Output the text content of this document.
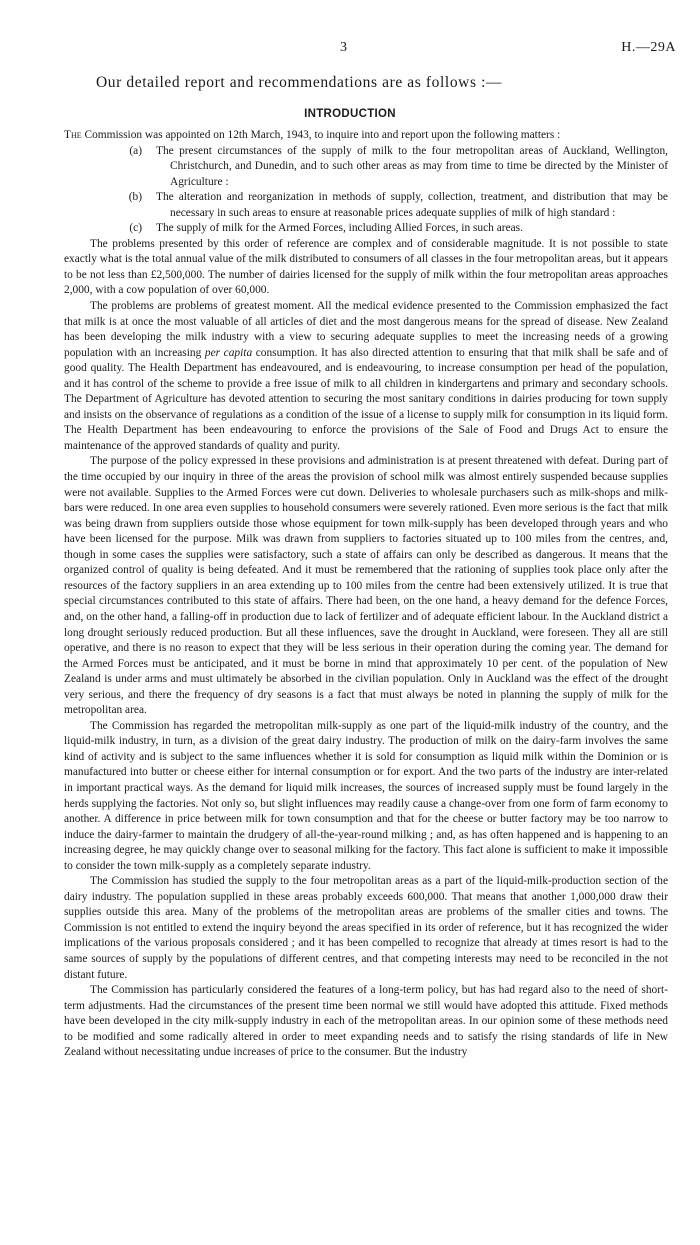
3	H.—29A
Our detailed report and recommendations are as follows :—
INTRODUCTION

The Commission was appointed on 12th March, 1943, to inquire into and report upon the following matters :

(a) The present circumstances of the supply of milk to the four metropolitan areas of Auckland, Wellington, Christchurch, and Dunedin, and to such other areas as may from time to time be directed by the Minister of Agriculture :
(b) The alteration and reorganization in methods of supply, collection, treatment, and distribution that may be necessary in such areas to ensure at reasonable prices adequate supplies of milk of high standard :
(c) The supply of milk for the Armed Forces, including Allied Forces, in such areas.

The problems presented by this order of reference are complex and of considerable magnitude. It is not possible to state exactly what is the total annual value of the milk distributed to consumers of all classes in the four metropolitan areas, but it appears to be not less than £2,500,000. The number of dairies licensed for the supply of milk within the four metropolitan areas approaches 2,000, with a cow population of over 60,000.

The problems are problems of greatest moment. All the medical evidence presented to the Commission emphasized the fact that milk is at once the most valuable of all articles of diet and the most dangerous means for the spread of disease. New Zealand has been developing the milk industry with a view to securing adequate supplies to meet the increasing needs of a growing population with an increasing per capita consumption. It has also directed attention to ensuring that that milk shall be safe and of good quality. The Health Department has endeavoured, and is endeavouring, to increase consumption per head of the population, and it has control of the scheme to provide a free issue of milk to all children in kindergartens and primary and secondary schools. The Department of Agriculture has devoted attention to securing the most sanitary conditions in dairies producing for town supply and insists on the observance of regulations as a condition of the issue of a license to supply milk for consumption in its liquid form. The Health Department has been endeavouring to enforce the provisions of the Sale of Food and Drugs Act to ensure the maintenance of the approved standards of quality and purity.

The purpose of the policy expressed in these provisions and administration is at present threatened with defeat. During part of the time occupied by our inquiry in three of the areas the provision of school milk was almost entirely suspended because supplies were not available. Supplies to the Armed Forces were cut down. Deliveries to wholesale purchasers such as milk-shops and milk-bars were reduced. In one area even supplies to household consumers were severely rationed. Even more serious is the fact that milk was being drawn from suppliers outside those whose equipment for town milk-supply has been developed through years and who have been licensed for the purpose. Milk was drawn from suppliers to factories situated up to 100 miles from the centres, and, though in some cases the supplies were satisfactory, such a state of affairs can only be described as dangerous. It means that the organized control of quality is being defeated. And it must be remembered that the rationing of supplies took place only after the resources of the factory suppliers in an area extending up to 100 miles from the centre had been extensively utilized. It is true that special circumstances contributed to this state of affairs. There had been, on the one hand, a heavy demand for the defence Forces, and, on the other hand, a falling-off in production due to lack of fertilizer and of adequate efficient labour. In the Auckland district a long drought seriously reduced production. But all these influences, save the drought in Auckland, were foreseen. They all are still operative, and there is no reason to expect that they will be less serious in their operation during the coming year. The demand for the Armed Forces must be anticipated, and it must be borne in mind that approximately 10 per cent. of the population of New Zealand is under arms and must ultimately be absorbed in the civilian population. Only in Auckland was the effect of the drought very serious, and there the frequency of dry seasons is a fact that must always be noted in planning the supply of milk for the metropolitan area.

The Commission has regarded the metropolitan milk-supply as one part of the liquid-milk industry of the country, and the liquid-milk industry, in turn, as a division of the great dairy industry. The production of milk on the dairy-farm involves the same kind of activity and is subject to the same influences whether it is sold for consumption as liquid milk within the Dominion or is manufactured into butter or cheese either for internal consumption or for export. And the two parts of the industry are inter-related in important practical ways. As the demand for liquid milk increases, the sources of increased supply must be found largely in the herds supplying the factories. Not only so, but slight influences may readily cause a change-over from one form of farm economy to another. A difference in price between milk for town consumption and that for the cheese or butter factory may be too narrow to induce the dairy-farmer to maintain the drudgery of all-the-year-round milking ; and, as has often happened and is happening to an increasing degree, he may quickly change over to seasonal milking for the factory. This fact alone is sufficient to make it impossible to consider the town milk-supply as a completely separate industry.

The Commission has studied the supply to the four metropolitan areas as a part of the liquid-milk-production section of the dairy industry. The population supplied in these areas probably exceeds 600,000. That means that another 1,000,000 draw their supplies outside this area. Many of the problems of the metropolitan areas are problems of the smaller cities and towns. The Commission is not entitled to extend the inquiry beyond the areas specified in its order of reference, but it has recognized the wider implications of the various proposals considered ; and it has been compelled to recognize that already at times resort is had to the same sources of supply by the populations of different centres, and that competing interests may need to be reconciled in the not distant future.

The Commission has particularly considered the features of a long-term policy, but has had regard also to the need of short-term adjustments. Had the circumstances of the present time been normal we still would have adopted this attitude. Fixed methods have been developed in the city milk-supply industry in each of the metropolitan areas. In our opinion some of these methods need to be modified and some radically altered in order to meet expanding needs and to satisfy the rising standards of life in New Zealand without necessitating undue increases of price to the consumer. But the industry
